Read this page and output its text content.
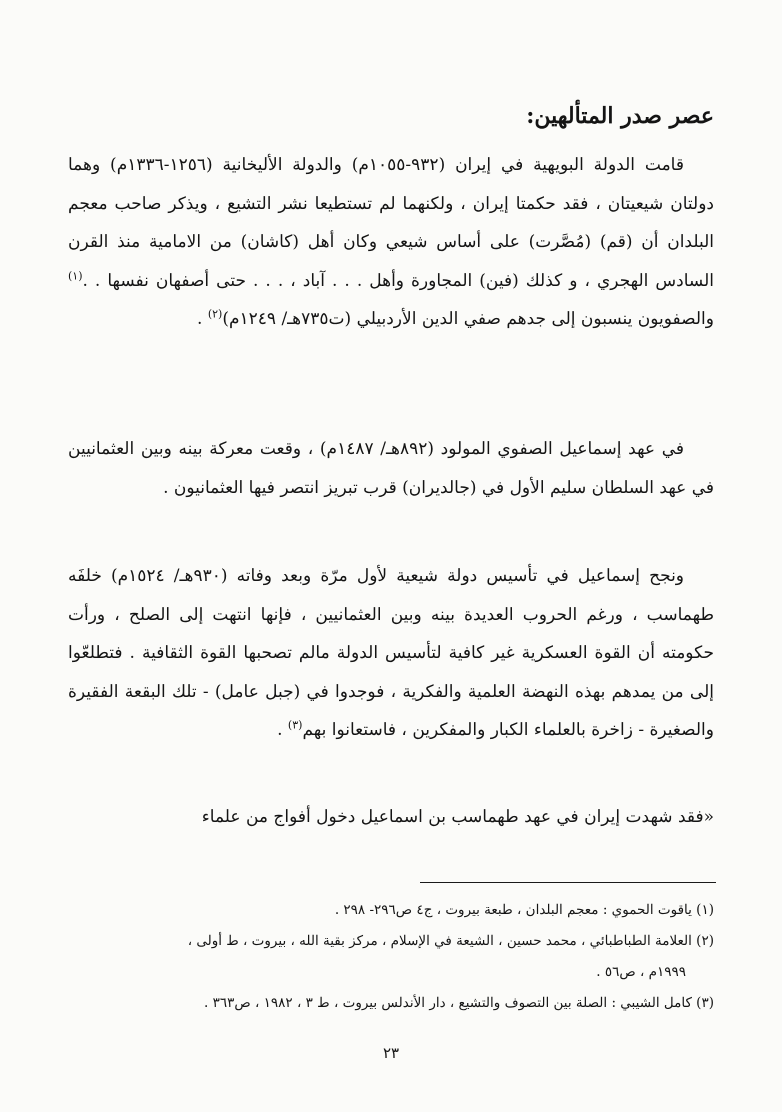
عصر صدر المتألهين:

قامت الدولة البويهية في إيران (٩٣٢-١٠٥٥م) والدولة الأليخانية (١٢٥٦-١٣٣٦م) وهما دولتان شيعيتان ، فقد حكمتا إيران ، ولكنهما لم تستطيعا نشر التشيع ، ويذكر صاحب معجم البلدان أن (قم) (مُصَّرت) على أساس شيعي وكان أهل (كاشان) من الامامية منذ القرن السادس الهجري ، و كذلك (فين) المجاورة وأهل . . . آباد ، . . . حتى أصفهان نفسها . .$^{(١)}$ والصفويون ينسبون إلى جدهم صفي الدين الأردبيلي (ت٧٣٥هـ/ ١٢٤٩م)$^{(٢)}$ .

في عهد إسماعيل الصفوي المولود (٨٩٢هـ/ ١٤٨٧م) ، وقعت معركة بينه وبين العثمانيين في عهد السلطان سليم الأول في (جالديران) قرب تبريز انتصر فيها العثمانيون .

ونجح إسماعيل في تأسيس دولة شيعية لأول مرّة وبعد وفاته (٩٣٠هـ/ ١٥٢٤م) خلفَه طهماسب ، ورغم الحروب العديدة بينه وبين العثمانيين ، فإنها انتهت إلى الصلح ، ورأت حكومته أن القوة العسكرية غير كافية لتأسيس الدولة مالم تصحبها القوة الثقافية . فتطلعّوا إلى من يمدهم بهذه النهضة العلمية والفكرية ، فوجدوا في (جبل عامل) - تلك البقعة الفقيرة والصغيرة - زاخرة بالعلماء الكبار والمفكرين ، فاستعانوا بهم$^{(٣)}$ .

«فقد شهدت إيران في عهد طهماسب بن اسماعيل دخول أفواج من علماء

(١) ياقوت الحموي : معجم البلدان ، طبعة بيروت ، ج٤ ص٢٩٦- ٢٩٨ .
(٢) العلامة الطباطبائي ، محمد حسين ، الشيعة في الإسلام ، مركز بقية الله ، بيروت ، ط أولى ،
١٩٩٩م ، ص٥٦ .
(٣) كامل الشيبي : الصلة بين التصوف والتشيع ، دار الأندلس بيروت ، ط ٣ ، ١٩٨٢ ، ص٣٦٣ .
٢٣
